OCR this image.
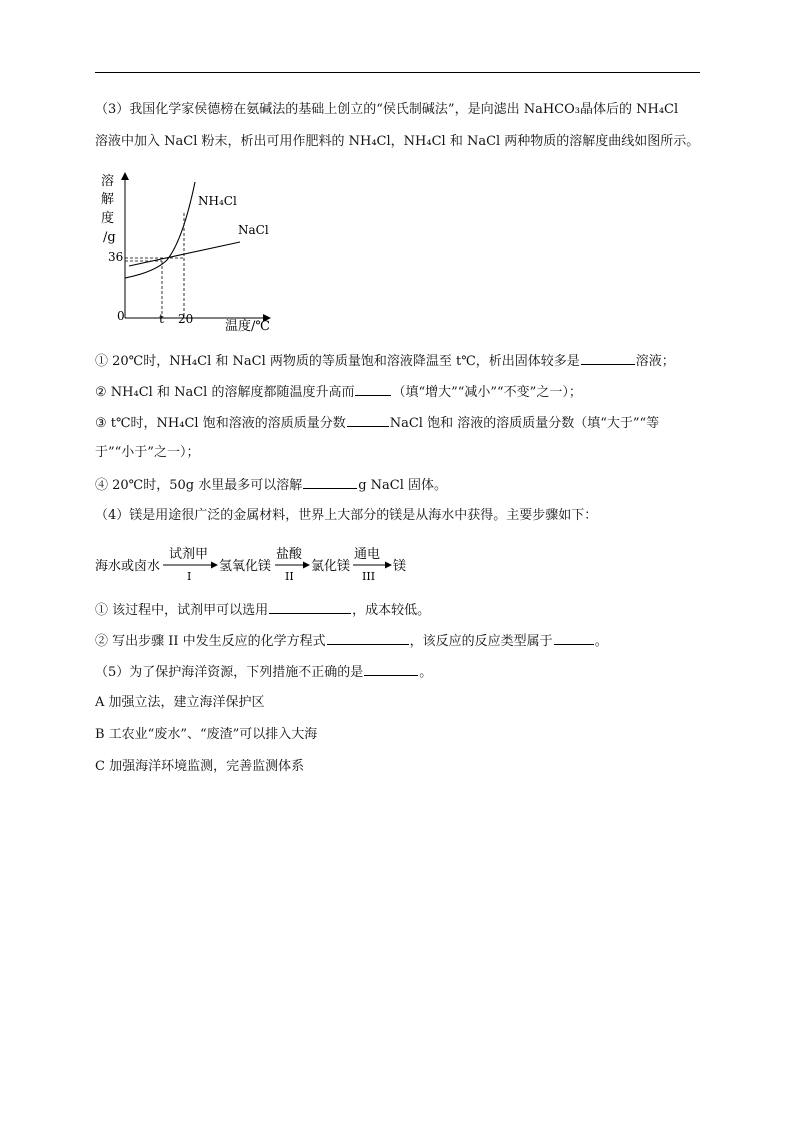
（3）我国化学家侯德榜在氨碱法的基础上创立的“侯氏制碱法”，是向滤出 NaHCO₃晶体后的 NH₄Cl
溶液中加入 NaCl 粉末，析出可用作肥料的 NH₄Cl，NH₄Cl 和 NaCl 两种物质的溶解度曲线如图所示。
溶
解
度
/g
36
0	t 20 温度/℃
NH₄Cl
NaCl
① 20℃时，NH₄Cl 和 NaCl 两物质的等质量饱和溶液降温至 t℃，析出固体较多是	溶液；
② NH₄Cl 和 NaCl 的溶解度都随温度升高而	（填“增大”“减小”“不变”之一）；
③ t℃时，NH₄Cl 饱和溶液的溶质质量分数	NaCl 饱和 溶液的溶质质量分数（填“大于”“等
于”“小于”之一）；
④ 20℃时，50g 水里最多可以溶解	g NaCl 固体。
（4）镁是用途很广泛的金属材料，世界上大部分的镁是从海水中获得。主要步骤如下：
海水或卤水
试剂甲
I
氢氧化镁
盐酸
II
氯化镁
通电
III
镁
① 该过程中，试剂甲可以选用	，成本较低。
② 写出步骤 II 中发生反应的化学方程式	，该反应的反应类型属于	。
（5）为了保护海洋资源，下列措施不正确的是	。
A 加强立法，建立海洋保护区
B 工农业“废水”、“废渣”可以排入大海
C 加强海洋环境监测，完善监测体系
